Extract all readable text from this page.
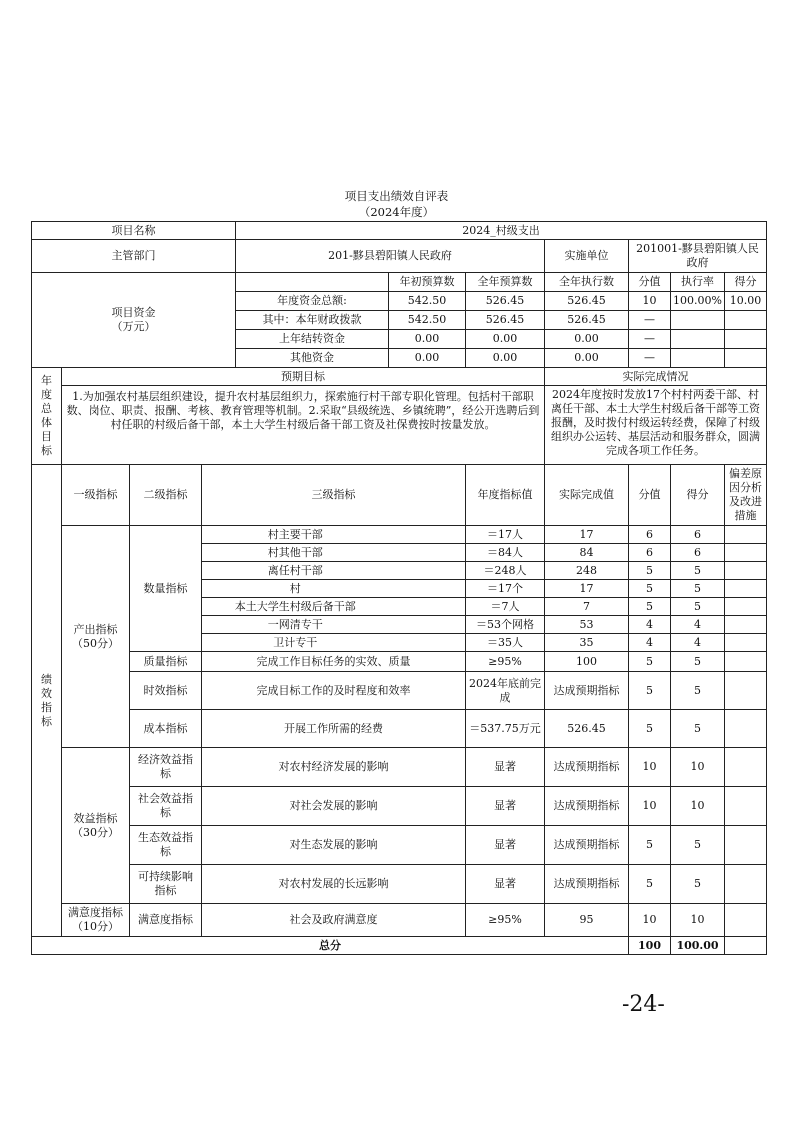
项目支出绩效自评表
（2024年度）
项目名称				2024_村级支出						
主管部门				201-黟县碧阳镇人民政府			实施单位	201001-黟县碧阳镇人民政府		
项目资金（万元）					年初预算数	全年预算数	全年执行数	分值	执行率	得分
				年度资金总额:	542.50	526.45	526.45	10	100.00%	10.00
				其中：本年财政拨款	542.50	526.45	526.45	—		
				上年结转资金	0.00	0.00	0.00	—		
				其他资金	0.00	0.00	0.00	—		
年度总体目标	预期目标						实际完成情况			
	1.为加强农村基层组织建设，提升农村基层组织力，探索施行村干部专职化管理。包括村干部职数、岗位、职责、报酬、考核、教育管理等机制。2.采取“县级统选、乡镇统聘”，经公开选聘后到村任职的村级后备干部，本土大学生村级后备干部工资及社保费按时按量发放。						2024年度按时发放17个村村两委干部、村离任干部、本土大学生村级后备干部等工资报酬，及时拨付村级运转经费，保障了村级组织办公运转、基层活动和服务群众，圆满完成各项工作任务。			
绩效指标	一级指标	二级指标	三级指标			年度指标值	实际完成值	分值	得分	偏差原因分析及改进措施
	产出指标（50分）	数量指标	村主要干部			＝17人	17	6	6	
			村其他干部			＝84人	84	6	6	
			离任村干部			＝248人	248	5	5	
			村			＝17个	17	5	5	
			本土大学生村级后备干部			＝7人	7	5	5	
			一网清专干			＝53个网格	53	4	4	
			卫计专干			＝35人	35	4	4	
		质量指标	完成工作目标任务的实效、质量			≥95%	100	5	5	
		时效指标	完成目标工作的及时程度和效率			2024年底前完成	达成预期指标	5	5	
		成本指标	开展工作所需的经费			＝537.75万元	526.45	5	5	
	效益指标（30分）	经济效益指标	对农村经济发展的影响			显著	达成预期指标	10	10	
		社会效益指标	对社会发展的影响			显著	达成预期指标	10	10	
		生态效益指标	对生态发展的影响			显著	达成预期指标	5	5	
		可持续影响指标	对农村发展的长远影响			显著	达成预期指标	5	5	
	满意度指标（10分）	满意度指标	社会及政府满意度			≥95%	95	10	10	
总分								100	100.00	
-24-
